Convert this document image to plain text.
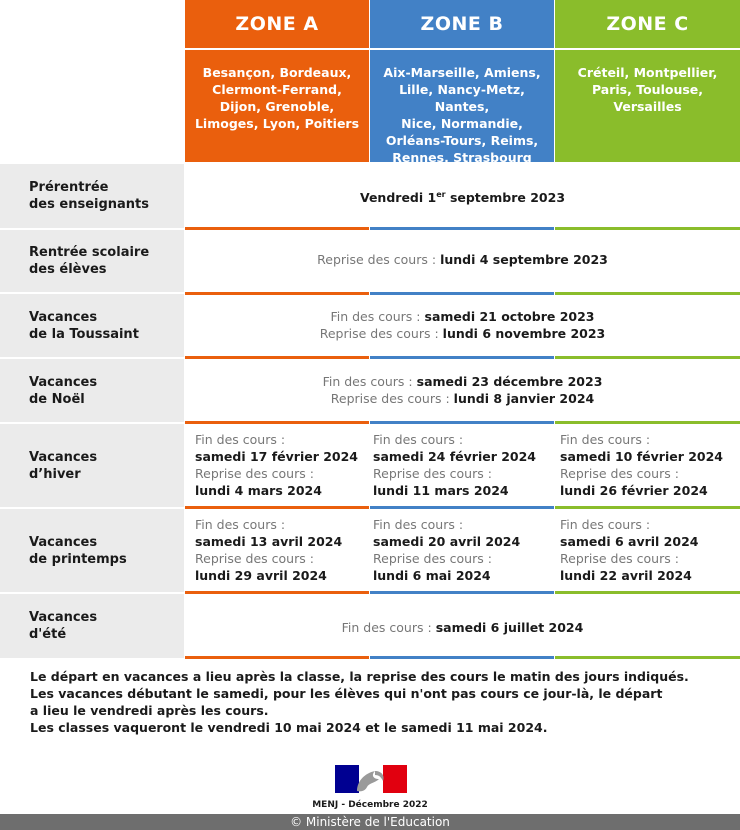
ZONE A	ZONE B	ZONE C
Besançon, Bordeaux,
Clermont-Ferrand,
Dijon, Grenoble,
Limoges, Lyon, Poitiers
Aix-Marseille, Amiens,
Lille, Nancy-Metz, Nantes,
Nice, Normandie,
Orléans-Tours, Reims,
Rennes, Strasbourg
Créteil, Montpellier,
Paris, Toulouse,
Versailles
Prérentrée
des enseignants
Rentrée scolaire
des élèves
Vacances
de la Toussaint
Vacances
de Noël
Vacances
d’hiver
Vacances
de printemps
Vacances
d'été
Vendredi 1er septembre 2023
Reprise des cours : lundi 4 septembre 2023
Fin des cours : samedi 21 octobre 2023
Reprise des cours : lundi 6 novembre 2023
Fin des cours : samedi 23 décembre 2023
Reprise des cours : lundi 8 janvier 2024
Fin des cours :
samedi 17 février 2024
Reprise des cours :
lundi 4 mars 2024
Fin des cours :
samedi 24 février 2024
Reprise des cours :
lundi 11 mars 2024
Fin des cours :
samedi 10 février 2024
Reprise des cours :
lundi 26 février 2024
Fin des cours :
samedi 13 avril 2024
Reprise des cours :
lundi 29 avril 2024
Fin des cours :
samedi 20 avril 2024
Reprise des cours :
lundi 6 mai 2024
Fin des cours :
samedi 6 avril 2024
Reprise des cours :
lundi 22 avril 2024
Fin des cours : samedi 6 juillet 2024
Le départ en vacances a lieu après la classe, la reprise des cours le matin des jours indiqués.
Les vacances débutant le samedi, pour les élèves qui n'ont pas cours ce jour-là, le départ
a lieu le vendredi après les cours.
Les classes vaqueront le vendredi 10 mai 2024 et le samedi 11 mai 2024.
MENJ - Décembre 2022
© Ministère de l'Education
